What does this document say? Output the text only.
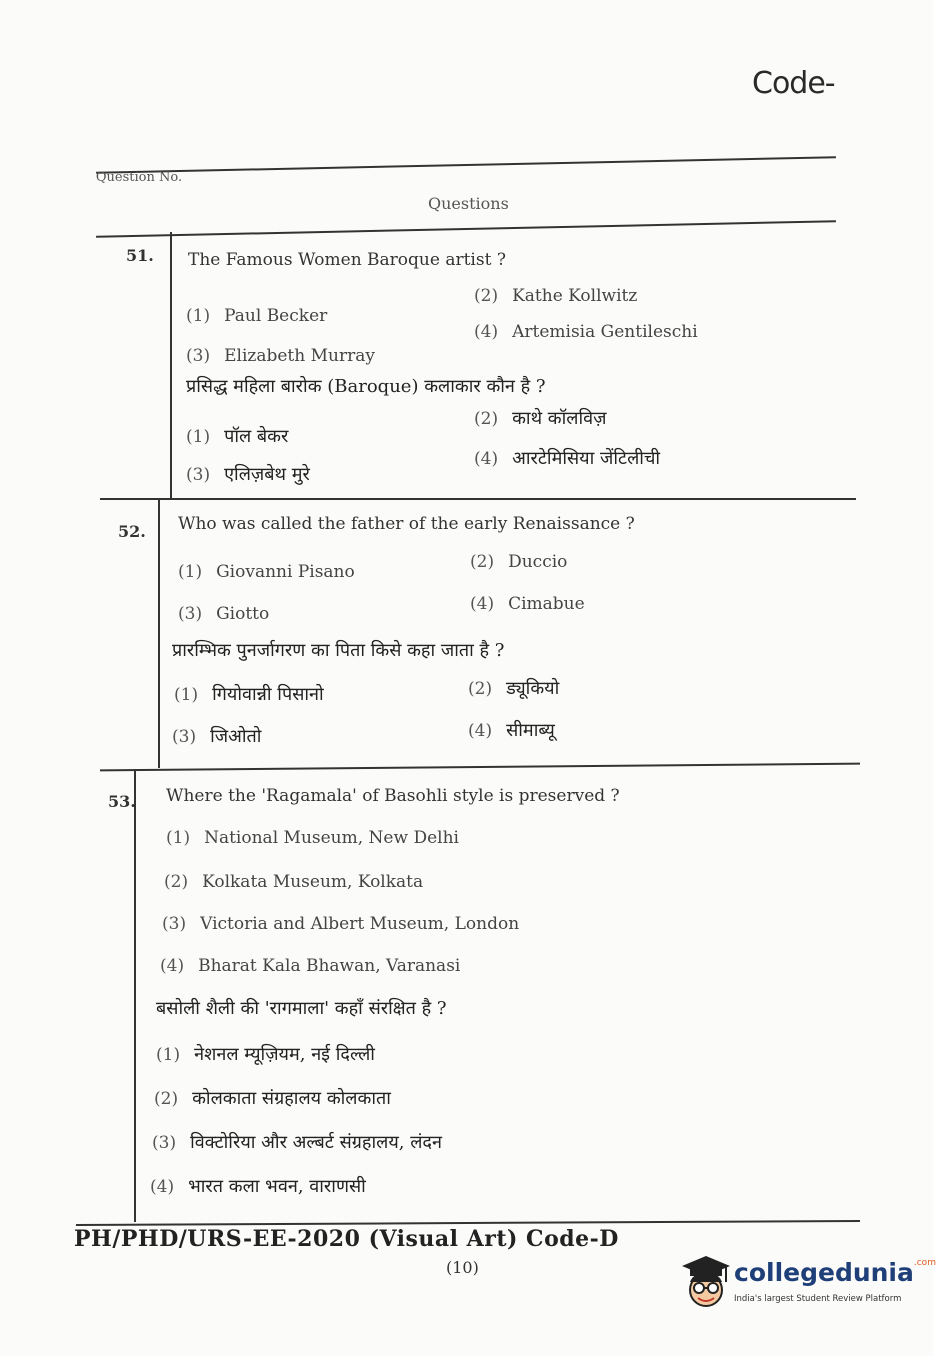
Code-
Question No.
Questions
51. The Famous Women Baroque artist ?
(1) Paul Becker
(2) Kathe Kollwitz
(3) Elizabeth Murray
(4) Artemisia Gentileschi
प्रसिद्ध महिला बारोक (Baroque) कलाकार कौन है ?
(1) पॉल बेकर
(2) काथे कॉलविज़
(3) एलिज़बेथ मुरे
(4) आरटेमिसिया जेंटिलीची
52. Who was called the father of the early Renaissance ?
(1) Giovanni Pisano	(2) Duccio
(3) Giotto	(4) Cimabue
प्रारम्भिक पुनर्जागरण का पिता किसे कहा जाता है ?
(1) गियोवान्नी पिसानो	(2) ड्यूकियो
(3) जिओतो	(4) सीमाब्यू
53. Where the 'Ragamala' of Basohli style is preserved ?
(1) National Museum, New Delhi
(2) Kolkata Museum, Kolkata
(3) Victoria and Albert Museum, London
(4) Bharat Kala Bhawan, Varanasi
बसोली शैली की 'रागमाला' कहाँ संरक्षित है ?
(1) नेशनल म्यूज़ियम, नई दिल्ली
(2) कोलकाता संग्रहालय कोलकाता
(3) विक्टोरिया और अल्बर्ट संग्रहालय, लंदन
(4) भारत कला भवन, वाराणसी
PH/PHD/URS-EE-2020 (Visual Art) Code-D
(10)	collegedunia$^{.com}$
India's largest Student Review Platform
